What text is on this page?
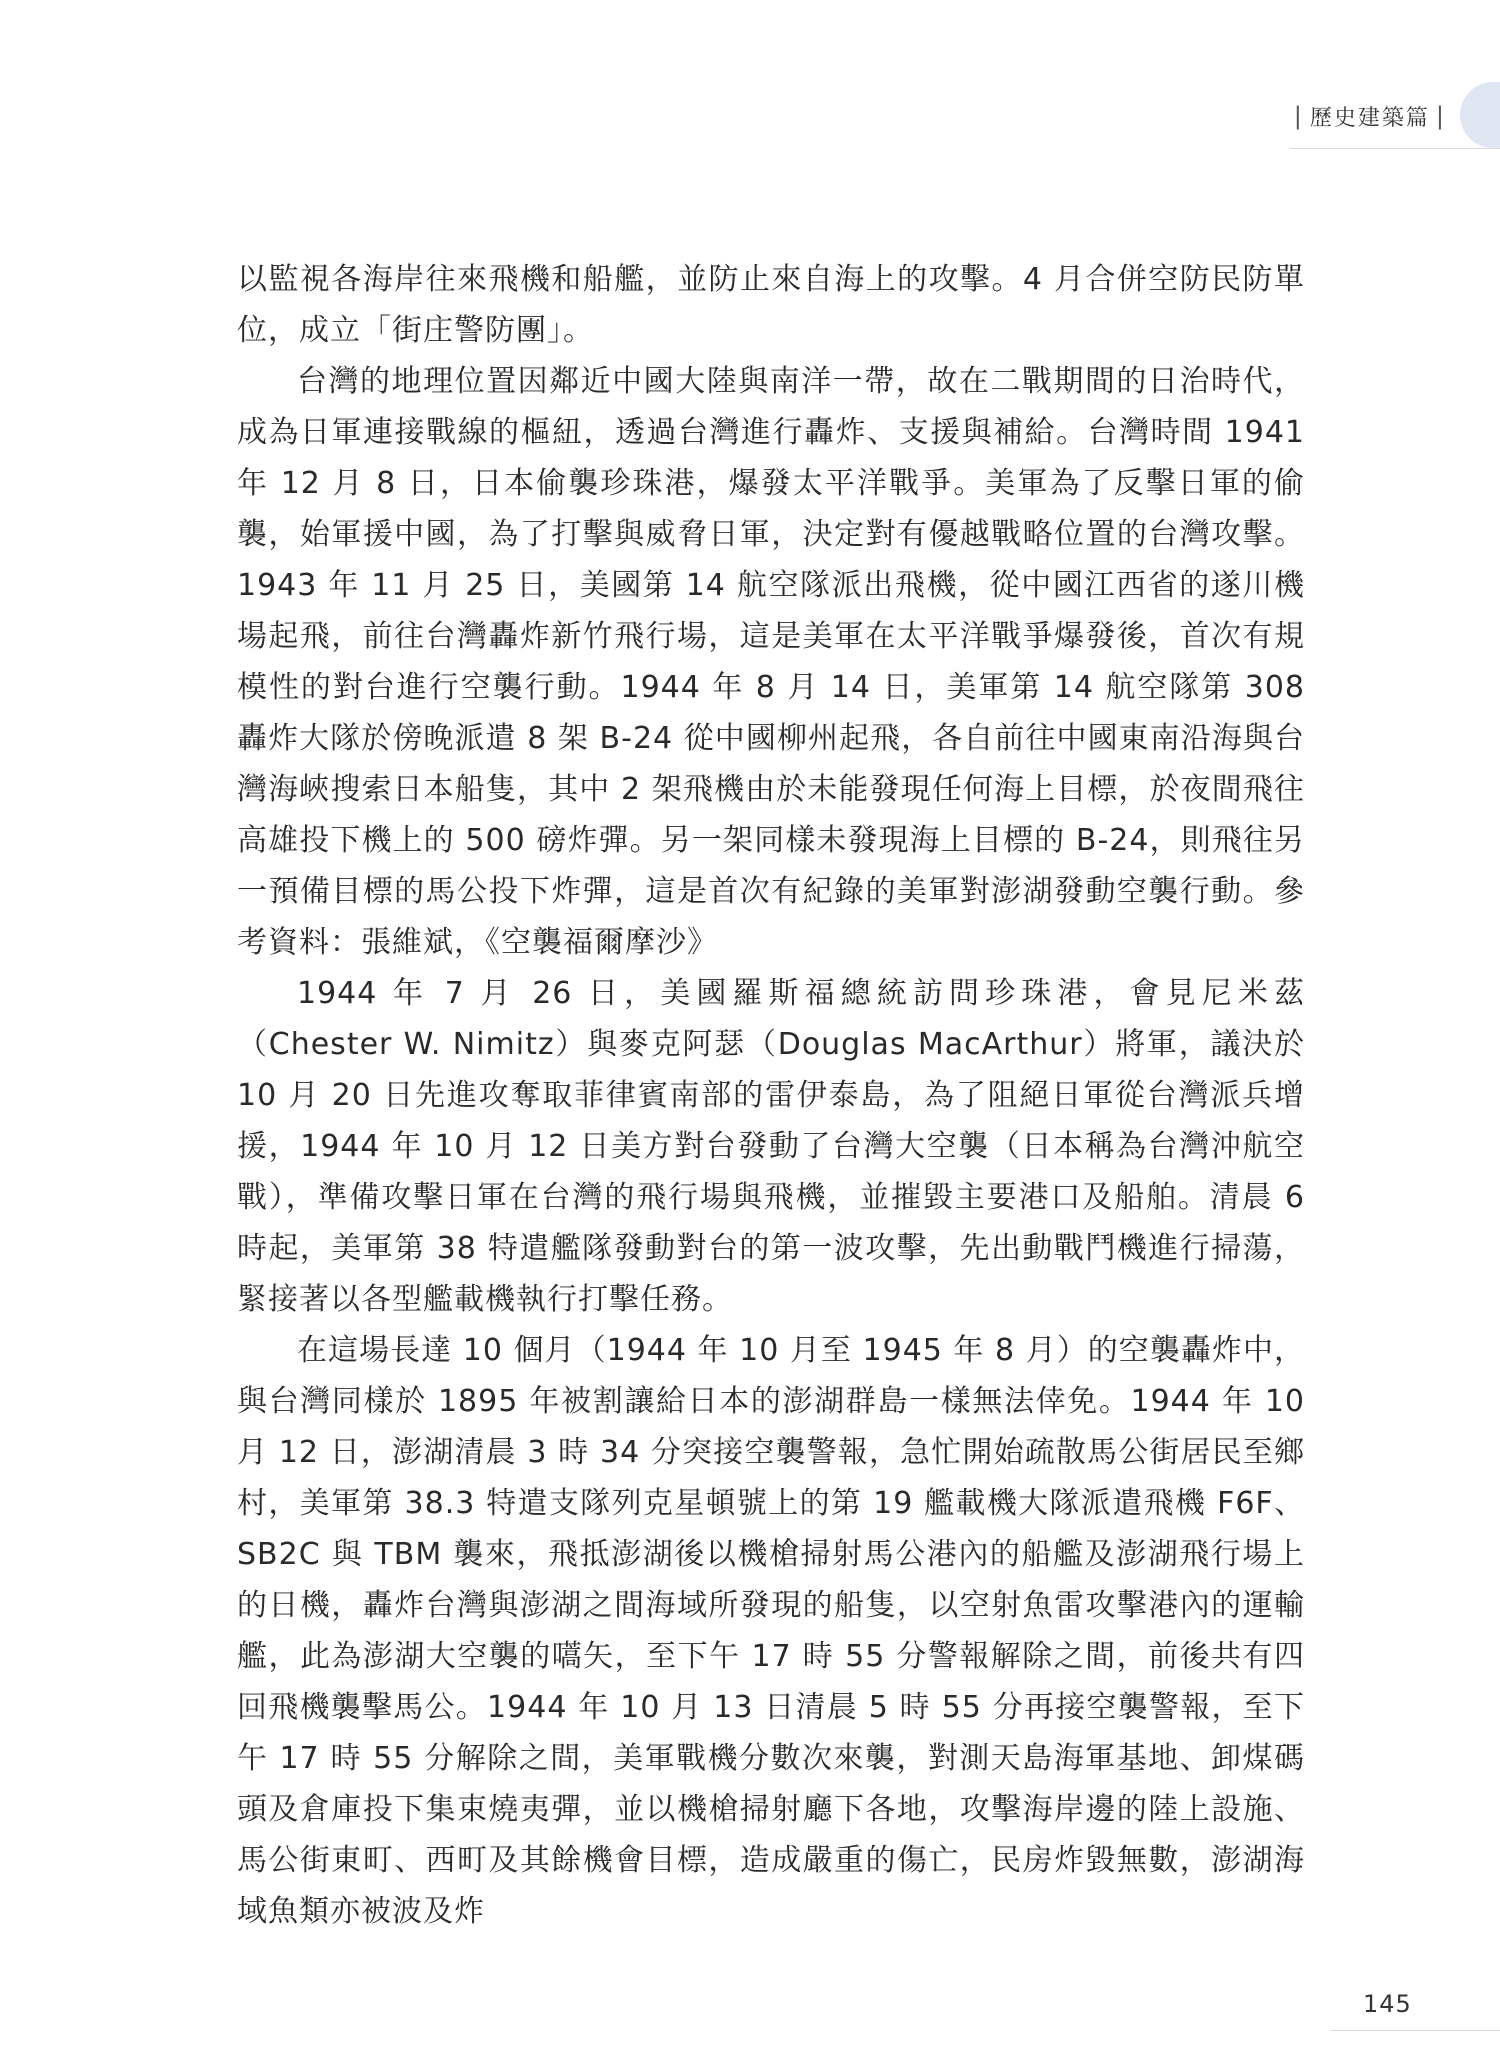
| 歷史建築篇 |

以監視各海岸往來飛機和船艦，並防止來自海上的攻擊。4 月合併空防民防單位，成立「街庄警防團」。

台灣的地理位置因鄰近中國大陸與南洋一帶，故在二戰期間的日治時代，成為日軍連接戰線的樞紐，透過台灣進行轟炸、支援與補給。台灣時間 1941 年 12 月 8 日，日本偷襲珍珠港，爆發太平洋戰爭。美軍為了反擊日軍的偷襲，始軍援中國，為了打擊與威脅日軍，決定對有優越戰略位置的台灣攻擊。1943 年 11 月 25 日，美國第 14 航空隊派出飛機，從中國江西省的遂川機場起飛，前往台灣轟炸新竹飛行場，這是美軍在太平洋戰爭爆發後，首次有規模性的對台進行空襲行動。1944 年 8 月 14 日，美軍第 14 航空隊第 308 轟炸大隊於傍晚派遣 8 架 B-24 從中國柳州起飛，各自前往中國東南沿海與台灣海峽搜索日本船隻，其中 2 架飛機由於未能發現任何海上目標，於夜間飛往高雄投下機上的 500 磅炸彈。另一架同樣未發現海上目標的 B-24，則飛往另一預備目標的馬公投下炸彈，這是首次有紀錄的美軍對澎湖發動空襲行動。參考資料：張維斌，《空襲福爾摩沙》

1944 年 7 月 26 日，美國羅斯福總統訪問珍珠港，會見尼米茲（Chester W. Nimitz）與麥克阿瑟（Douglas MacArthur）將軍，議決於 10 月 20 日先進攻奪取菲律賓南部的雷伊泰島，為了阻絕日軍從台灣派兵增援，1944 年 10 月 12 日美方對台發動了台灣大空襲（日本稱為台灣沖航空戰），準備攻擊日軍在台灣的飛行場與飛機，並摧毀主要港口及船舶。清晨 6 時起，美軍第 38 特遣艦隊發動對台的第一波攻擊，先出動戰鬥機進行掃蕩，緊接著以各型艦載機執行打擊任務。

在這場長達 10 個月（1944 年 10 月至 1945 年 8 月）的空襲轟炸中，與台灣同樣於 1895 年被割讓給日本的澎湖群島一樣無法倖免。1944 年 10 月 12 日，澎湖清晨 3 時 34 分突接空襲警報，急忙開始疏散馬公街居民至鄉村，美軍第 38.3 特遣支隊列克星頓號上的第 19 艦載機大隊派遣飛機 F6F、SB2C 與 TBM 襲來，飛抵澎湖後以機槍掃射馬公港內的船艦及澎湖飛行場上的日機，轟炸台灣與澎湖之間海域所發現的船隻，以空射魚雷攻擊港內的運輸艦，此為澎湖大空襲的嚆矢，至下午 17 時 55 分警報解除之間，前後共有四回飛機襲擊馬公。1944 年 10 月 13 日清晨 5 時 55 分再接空襲警報，至下午 17 時 55 分解除之間，美軍戰機分數次來襲，對測天島海軍基地、卸煤碼頭及倉庫投下集束燒夷彈，並以機槍掃射廳下各地，攻擊海岸邊的陸上設施、馬公街東町、西町及其餘機會目標，造成嚴重的傷亡，民房炸毀無數，澎湖海域魚類亦被波及炸

145
